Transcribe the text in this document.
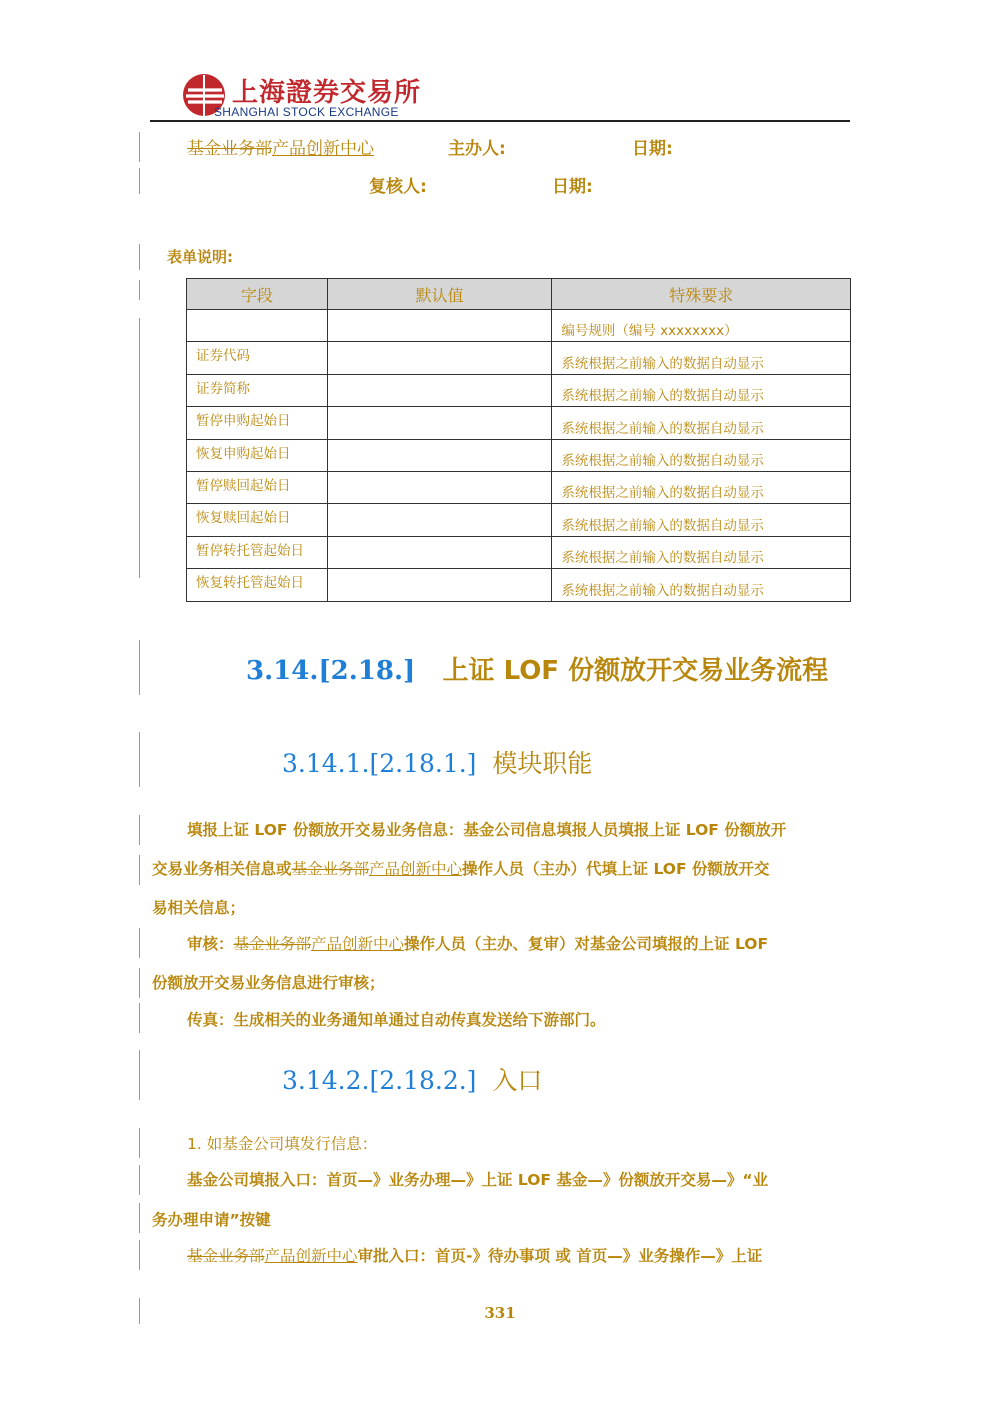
上海證券交易所
SHANGHAI STOCK EXCHANGE
基金业务部产品创新中心	主办人:	日期:
复核人:	日期:
表单说明:
字段	默认值	特殊要求
		编号规则（编号 xxxxxxxx）
证券代码		系统根据之前输入的数据自动显示
证券简称		系统根据之前输入的数据自动显示
暂停申购起始日		系统根据之前输入的数据自动显示
恢复申购起始日		系统根据之前输入的数据自动显示
暂停赎回起始日		系统根据之前输入的数据自动显示
恢复赎回起始日		系统根据之前输入的数据自动显示
暂停转托管起始日		系统根据之前输入的数据自动显示
恢复转托管起始日		系统根据之前输入的数据自动显示
3.14.[2.18.] 上证 LOF 份额放开交易业务流程
3.14.1.[2.18.1.] 模块职能
填报上证 LOF 份额放开交易业务信息：基金公司信息填报人员填报上证 LOF 份额放开
交易业务相关信息或基金业务部产品创新中心操作人员（主办）代填上证 LOF 份额放开交
易相关信息；
审核：基金业务部产品创新中心操作人员（主办、复审）对基金公司填报的上证 LOF
份额放开交易业务信息进行审核；
传真：生成相关的业务通知单通过自动传真发送给下游部门。
3.14.2.[2.18.2.] 入口
1. 如基金公司填发行信息：
基金公司填报入口：首页—》业务办理—》上证 LOF 基金—》份额放开交易—》“业
务办理申请”按键
基金业务部产品创新中心审批入口：首页-》待办事项 或 首页—》业务操作—》上证
331
